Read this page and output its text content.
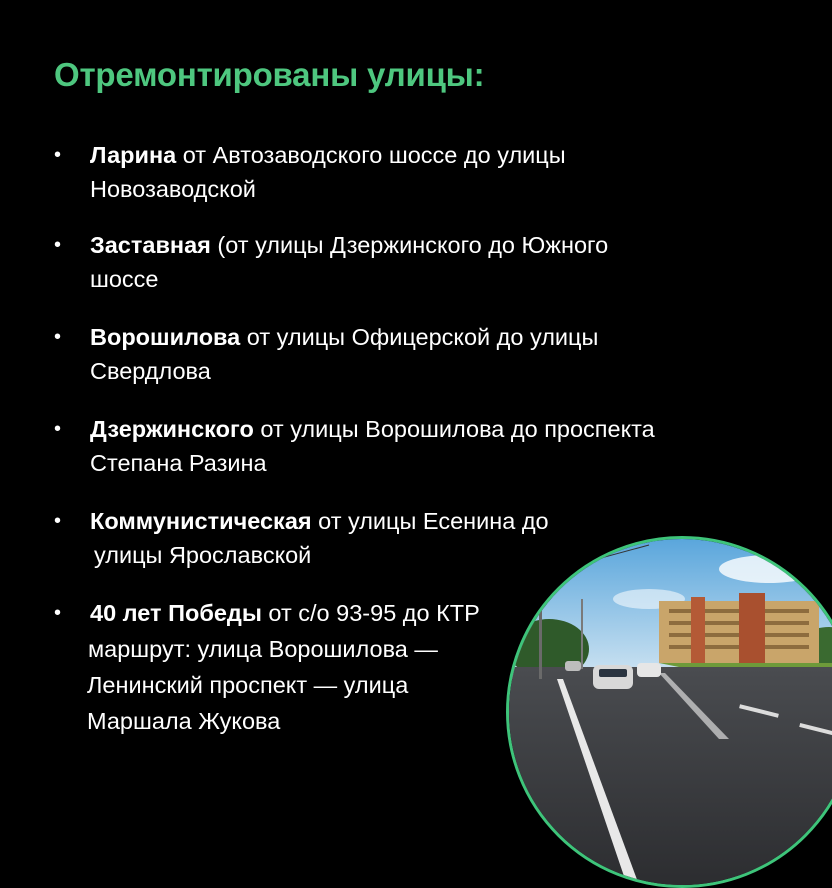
Отремонтированы улицы:
• Ларина от Автозаводского шоссе до улицы
Новозаводской
• Заставная (от улицы Дзержинского до Южного
шоссе
• Ворошилова от улицы Офицерской до улицы
Свердлова
• Дзержинского от улицы Ворошилова до проспекта
Степана Разина
• Коммунистическая от улицы Есенина до
улицы Ярославской
• 40 лет Победы от с/о 93-95 до КТР
маршрут: улица Ворошилова —
Ленинский проспект — улица
Маршала Жукова
